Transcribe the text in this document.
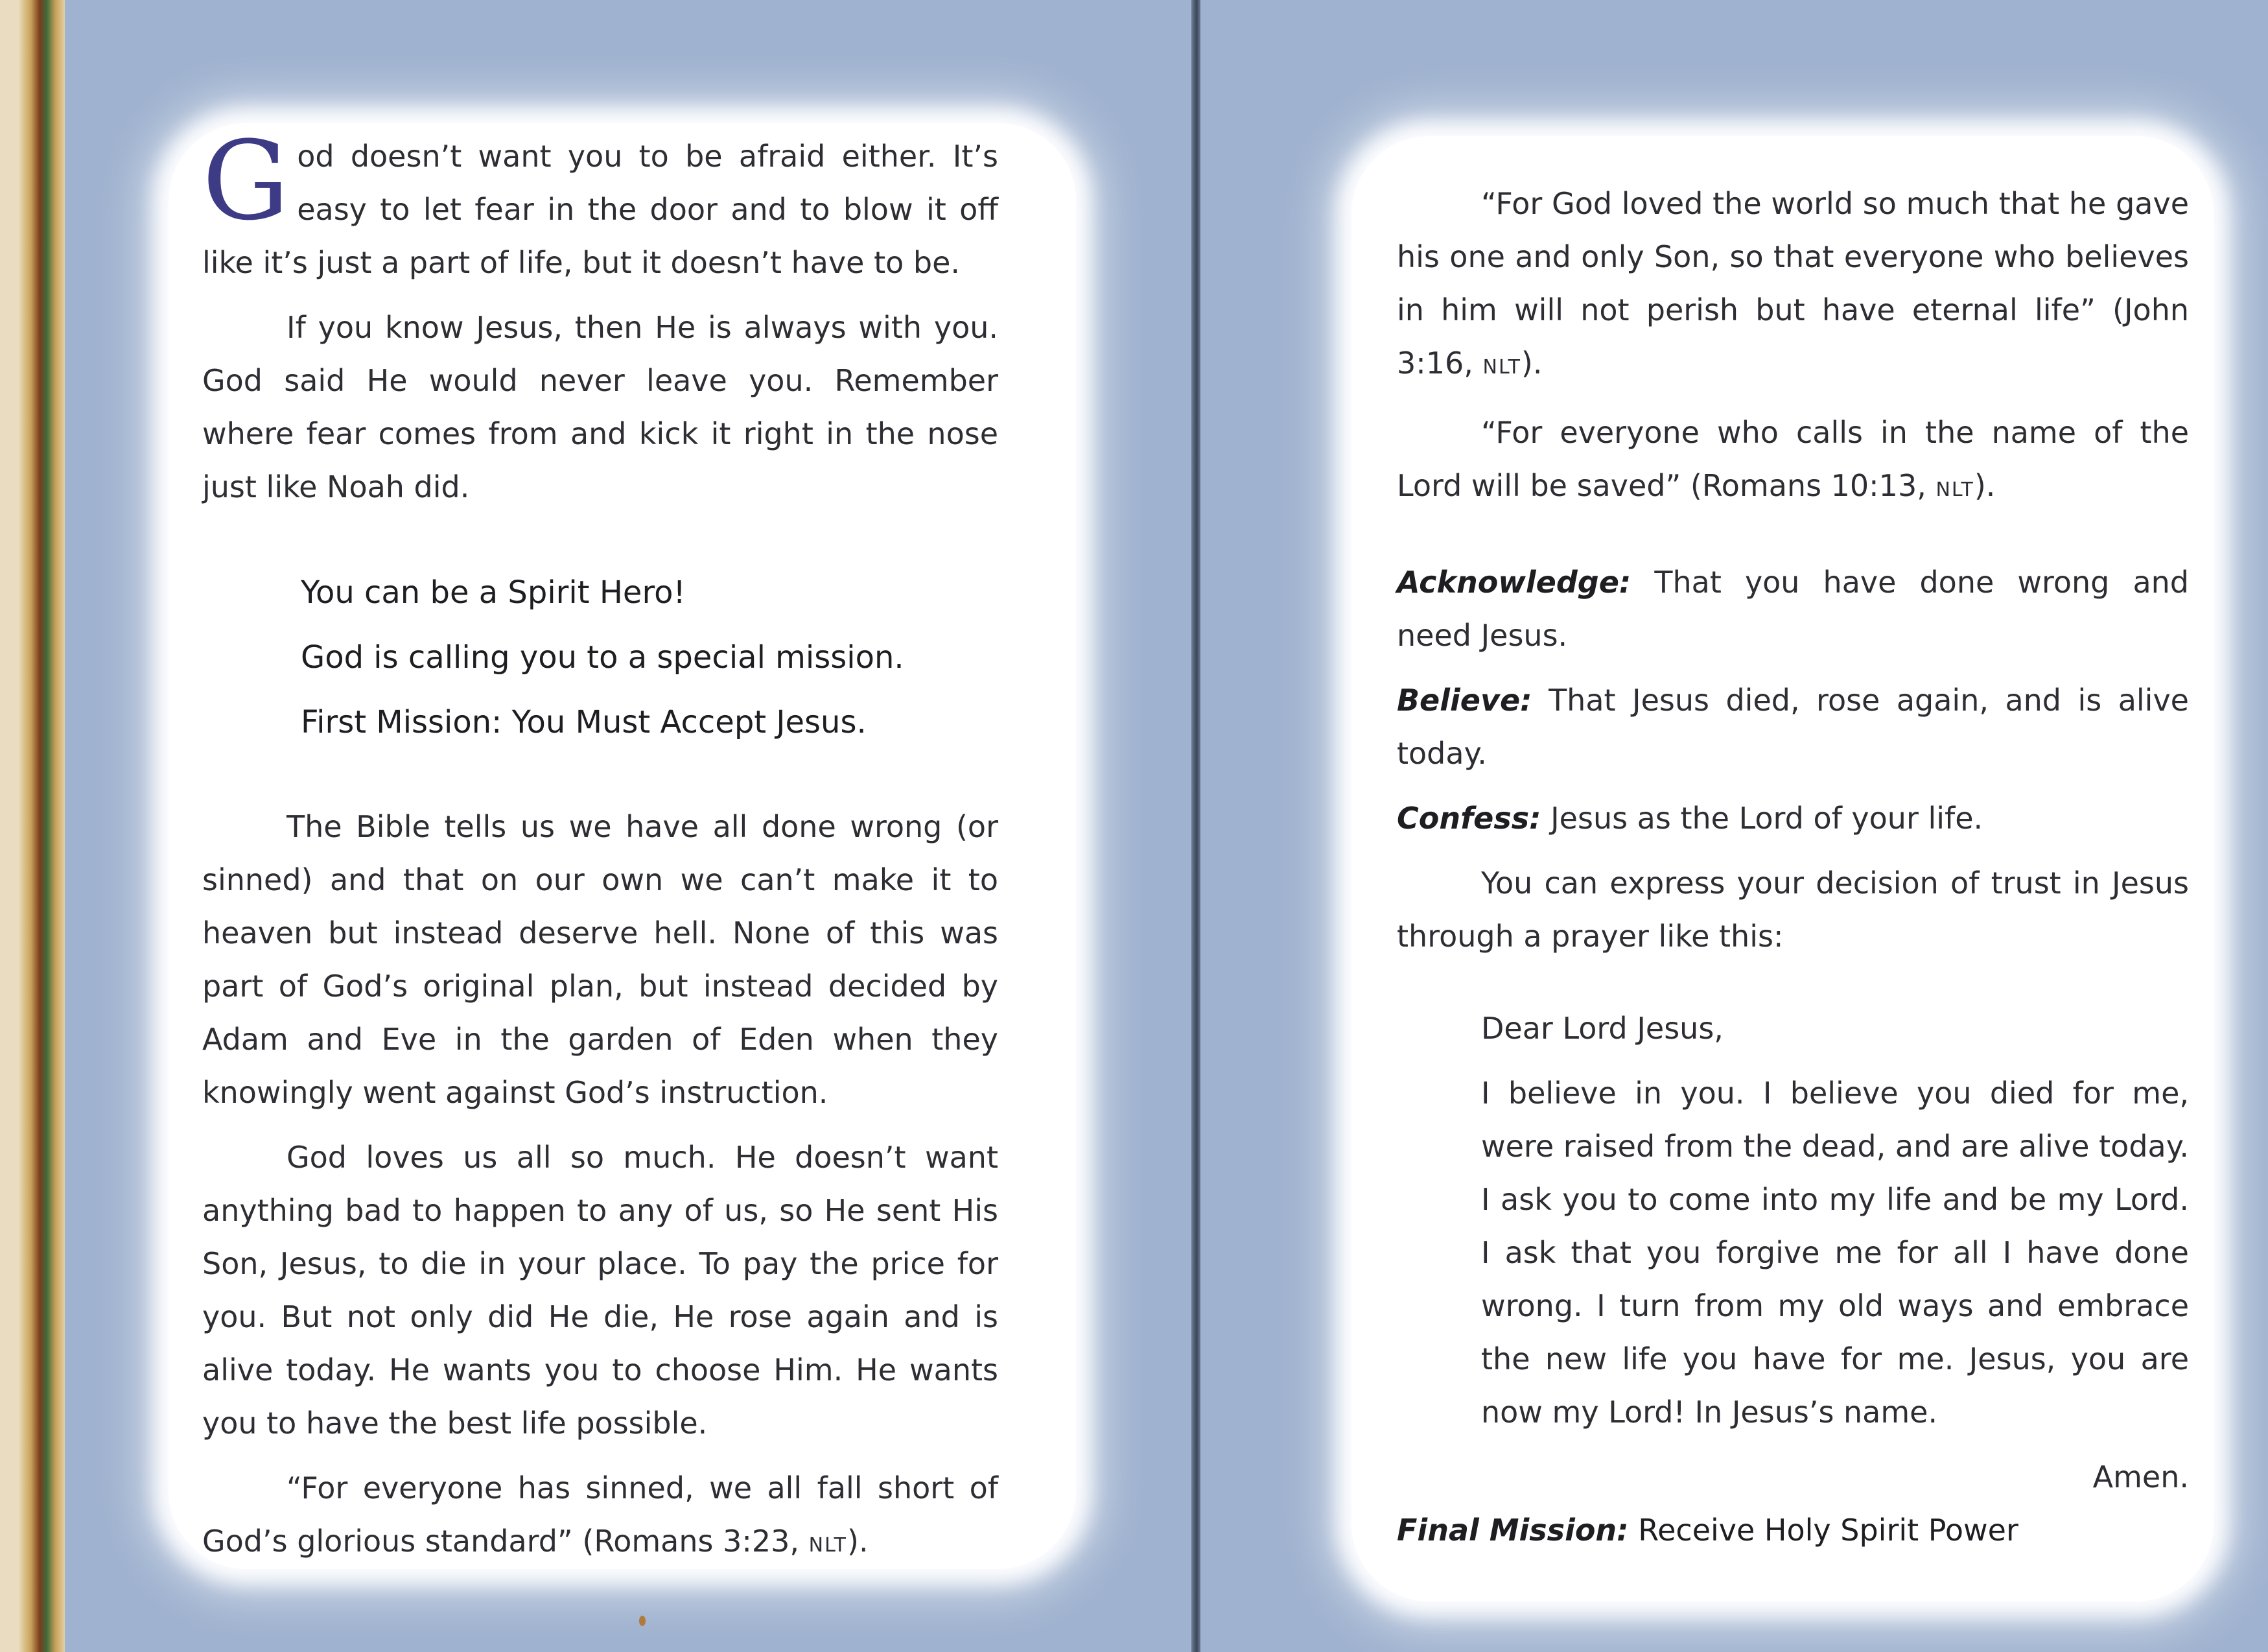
God doesn’t want you to be afraid either. It’s easy to let fear in the door and to blow it off like it’s just a part of life, but it doesn’t have to be.

If you know Jesus, then He is always with you. God said He would never leave you. Remember where fear comes from and kick it right in the nose just like Noah did.

You can be a Spirit Hero!
God is calling you to a special mission.
First Mission: You Must Accept Jesus.

The Bible tells us we have all done wrong (or sinned) and that on our own we can’t make it to heaven but instead deserve hell. None of this was part of God’s original plan, but instead decided by Adam and Eve in the garden of Eden when they knowingly went against God’s instruction.

God loves us all so much. He doesn’t want anything bad to happen to any of us, so He sent His Son, Jesus, to die in your place. To pay the price for you. But not only did He die, He rose again and is alive today. He wants you to choose Him. He wants you to have the best life possible.

“For everyone has sinned, we all fall short of God’s glorious standard” (Romans 3:23, NLT).

“For God loved the world so much that he gave his one and only Son, so that everyone who believes in him will not perish but have eternal life” (John 3:16, NLT).

“For everyone who calls in the name of the Lord will be saved” (Romans 10:13, NLT).

Acknowledge: That you have done wrong and need Jesus.

Believe: That Jesus died, rose again, and is alive today.

Confess: Jesus as the Lord of your life.

You can express your decision of trust in Jesus through a prayer like this:

Dear Lord Jesus,

I believe in you. I believe you died for me, were raised from the dead, and are alive today. I ask you to come into my life and be my Lord. I ask that you forgive me for all I have done wrong. I turn from my old ways and embrace the new life you have for me. Jesus, you are now my Lord! In Jesus’s name.

Amen.

Final Mission: Receive Holy Spirit Power
